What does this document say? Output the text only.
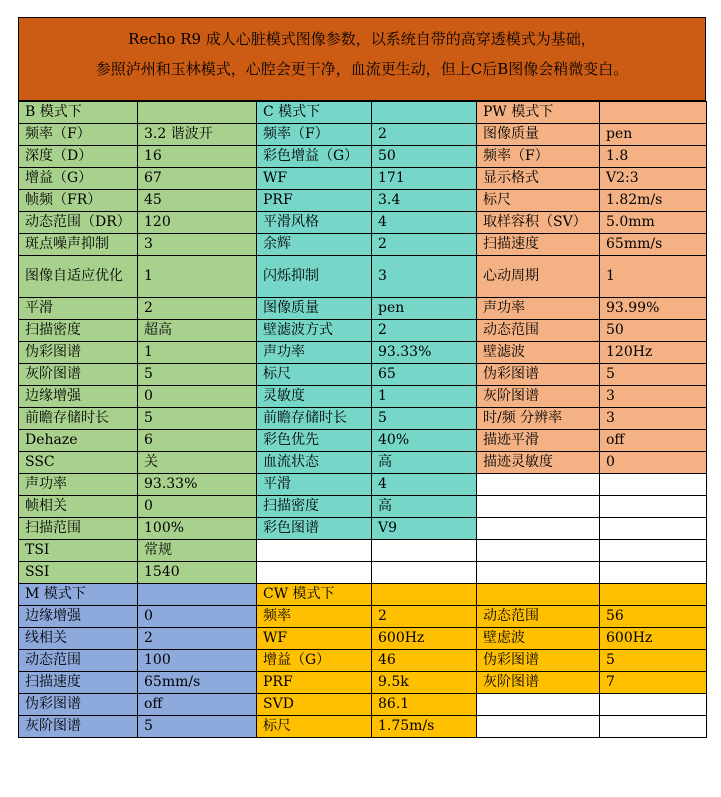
Recho R9 成人心脏模式图像参数，以系统自带的高穿透模式为基础，
参照泸州和玉林模式，心腔会更干净，血流更生动，但上C后B图像会稍微变白。
B 模式下		C 模式下		PW 模式下	
频率（F）	3.2 谐波开	频率（F）	2	图像质量	pen
深度（D）	16	彩色增益（G）	50	频率（F）	1.8
增益（G）	67	WF	171	显示格式	V2:3
帧频（FR）	45	PRF	3.4	标尺	1.82m/s
动态范围（DR）	120	平滑风格	4	取样容积（SV）	5.0mm
斑点噪声抑制	3	余辉	2	扫描速度	65mm/s
图像自适应优化	1	闪烁抑制	3	心动周期	1
平滑	2	图像质量	pen	声功率	93.99%
扫描密度	超高	壁滤波方式	2	动态范围	50
伪彩图谱	1	声功率	93.33%	壁滤波	120Hz
灰阶图谱	5	标尺	65	伪彩图谱	5
边缘增强	0	灵敏度	1	灰阶图谱	3
前瞻存储时长	5	前瞻存储时长	5	时/频 分辨率	3
Dehaze	6	彩色优先	40%	描迹平滑	off
SSC	关	血流状态	高	描迹灵敏度	0
声功率	93.33%	平滑	4		
帧相关	0	扫描密度	高		
扫描范围	100%	彩色图谱	V9		
TSI	常规				
SSI	1540				
M 模式下		CW 模式下			
边缘增强	0	频率	2	动态范围	56
线相关	2	WF	600Hz	壁虑波	600Hz
动态范围	100	增益（G）	46	伪彩图谱	5
扫描速度	65mm/s	PRF	9.5k	灰阶图谱	7
伪彩图谱	off	SVD	86.1		
灰阶图谱	5	标尺	1.75m/s		
